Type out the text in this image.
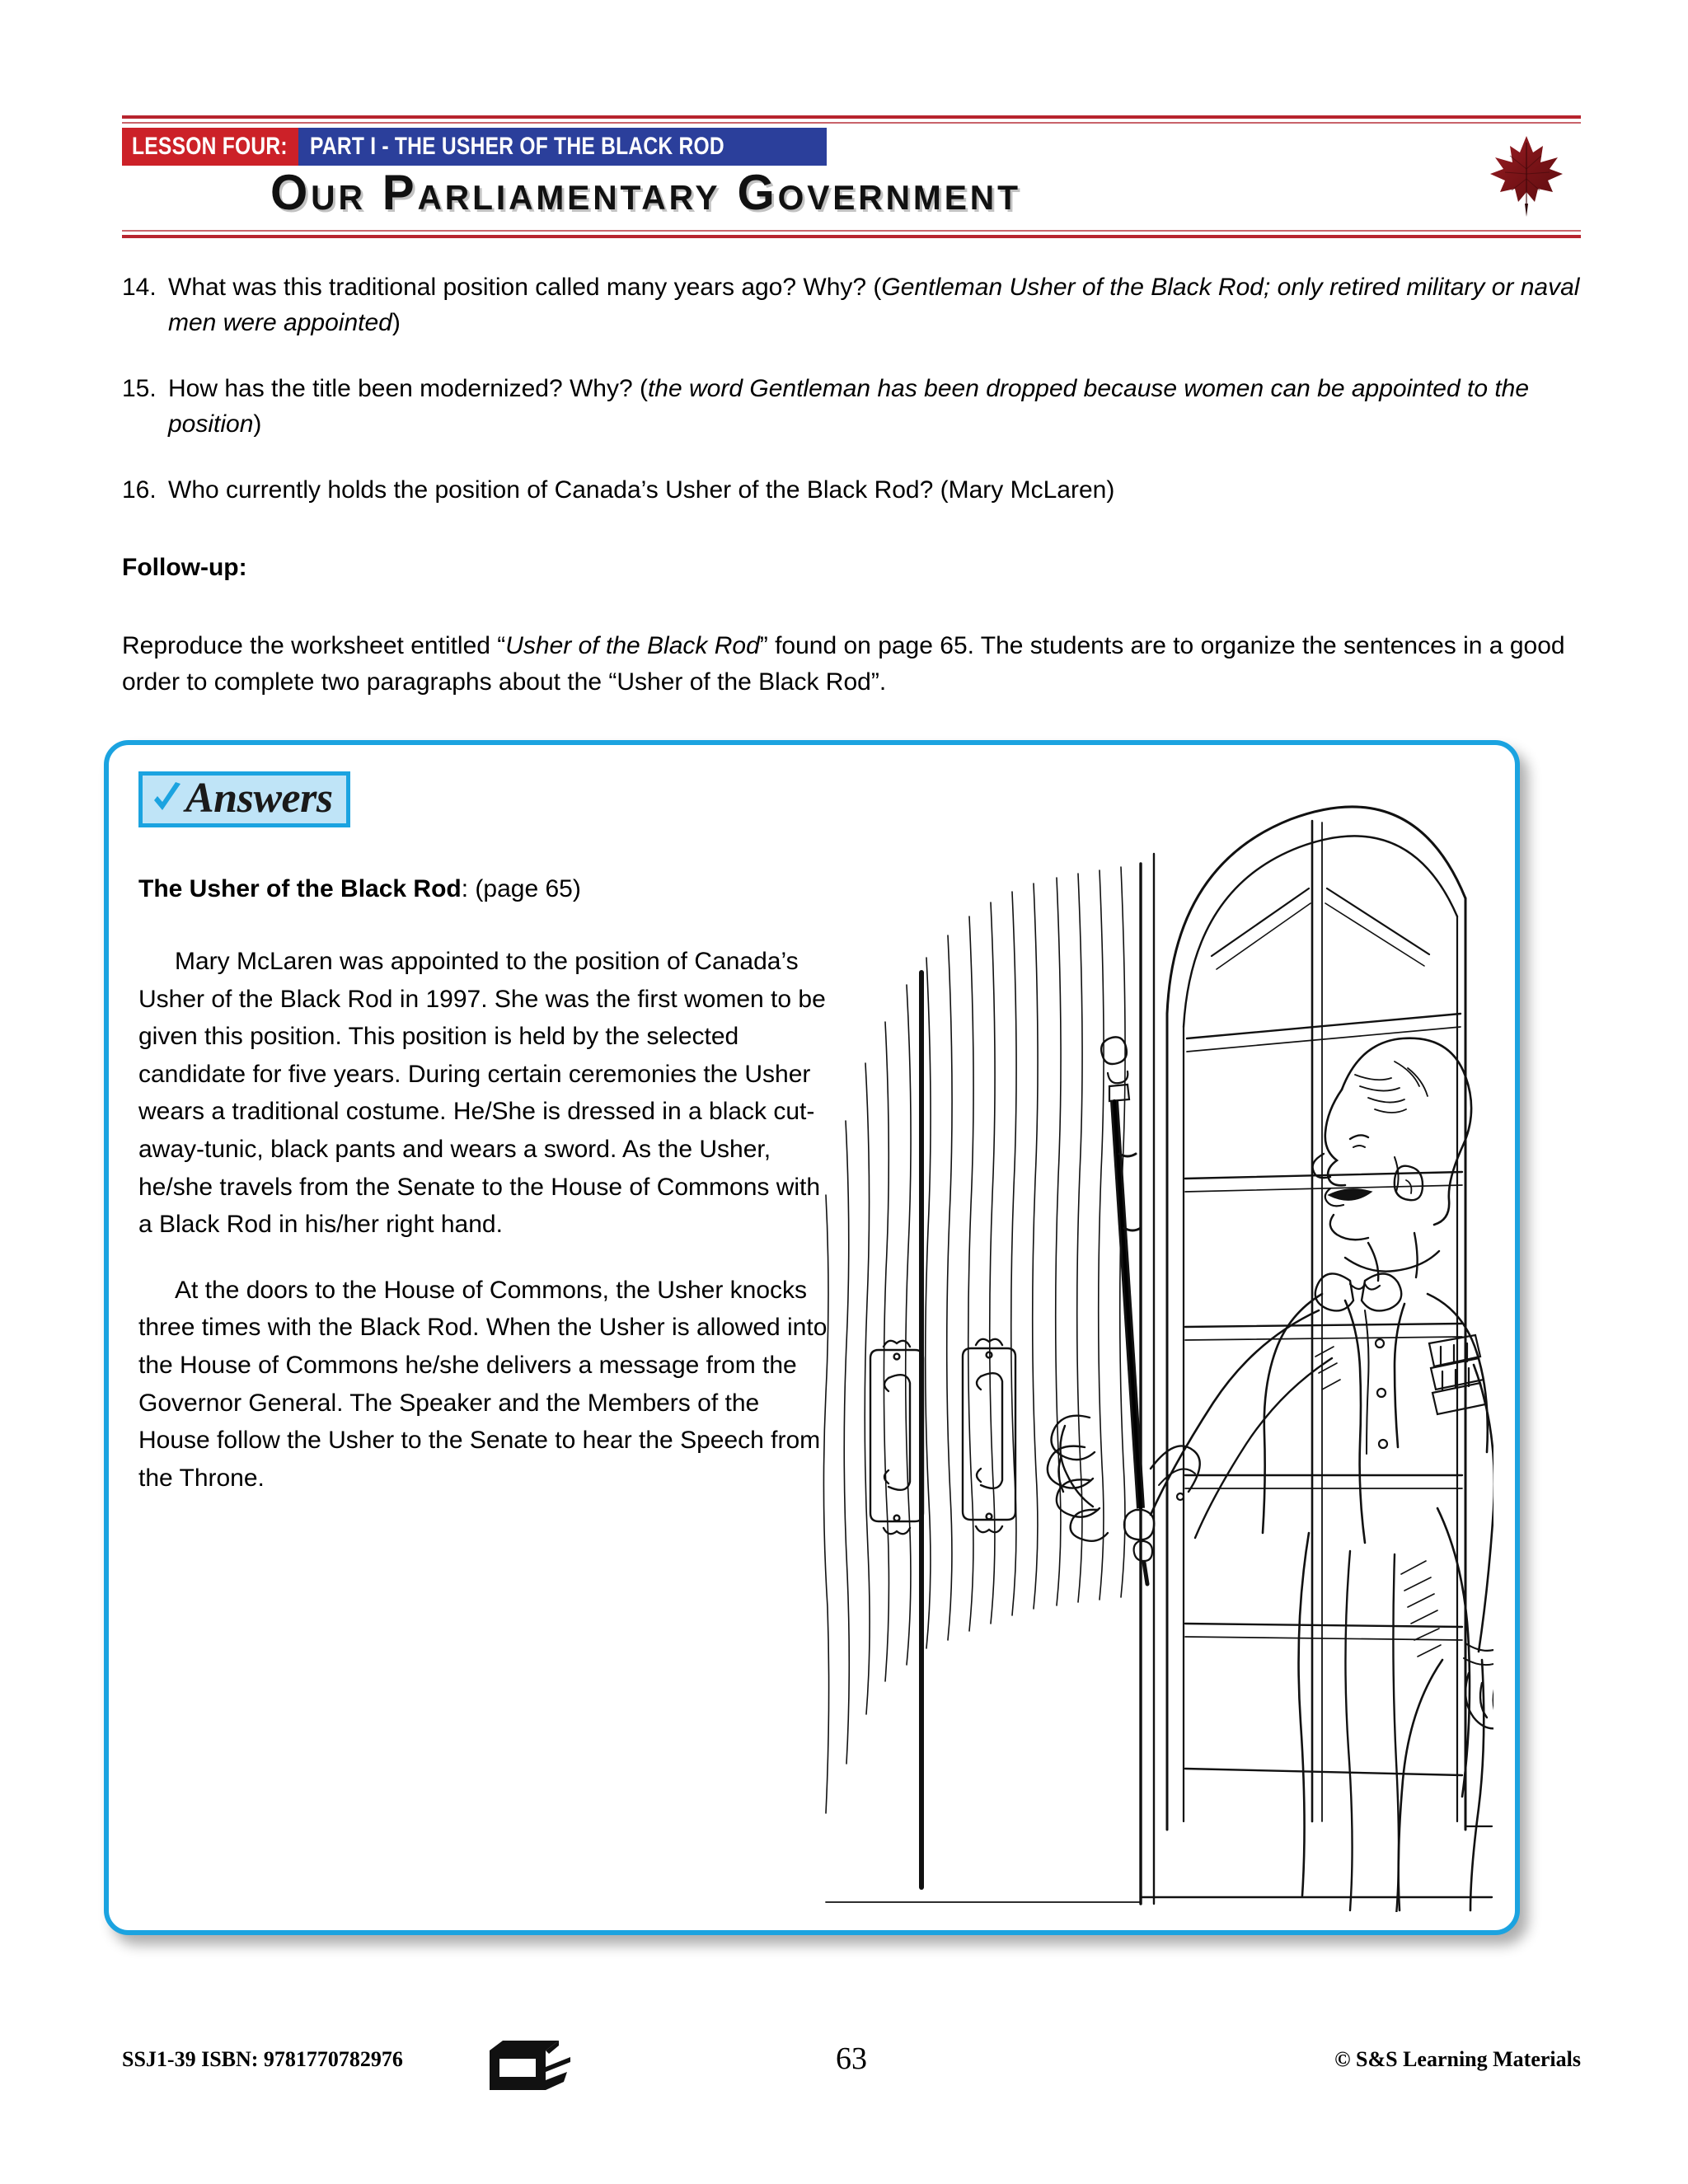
LESSON FOUR: PART I - THE USHER OF THE BLACK ROD
Our Parliamentary Government
14. What was this traditional position called many years ago? Why? (Gentleman Usher of the Black Rod; only retired military or naval men were appointed)
15. How has the title been modernized? Why? (the word Gentleman has been dropped because women can be appointed to the position)
16. Who currently holds the position of Canada’s Usher of the Black Rod? (Mary McLaren)
Follow-up:
Reproduce the worksheet entitled “Usher of the Black Rod” found on page 65. The students are to organize the sentences in a good order to complete two paragraphs about the “Usher of the Black Rod”.
Answers
The Usher of the Black Rod: (page 65)

Mary McLaren was appointed to the position of Canada’s Usher of the Black Rod in 1997. She was the first women to be given this position. This position is held by the selected candidate for five years. During certain ceremonies the Usher wears a traditional costume. He/She is dressed in a black cut-away-tunic, black pants and wears a sword. As the Usher, he/she travels from the Senate to the House of Commons with a Black Rod in his/her right hand.

At the doors to the House of Commons, the Usher knocks three times with the Black Rod. When the Usher is allowed into the House of Commons he/she delivers a message from the Governor General. The Speaker and the Members of the House follow the Usher to the Senate to hear the Speech from the Throne.

SSJ1-39 ISBN: 9781770782976	63	© S&S Learning Materials
